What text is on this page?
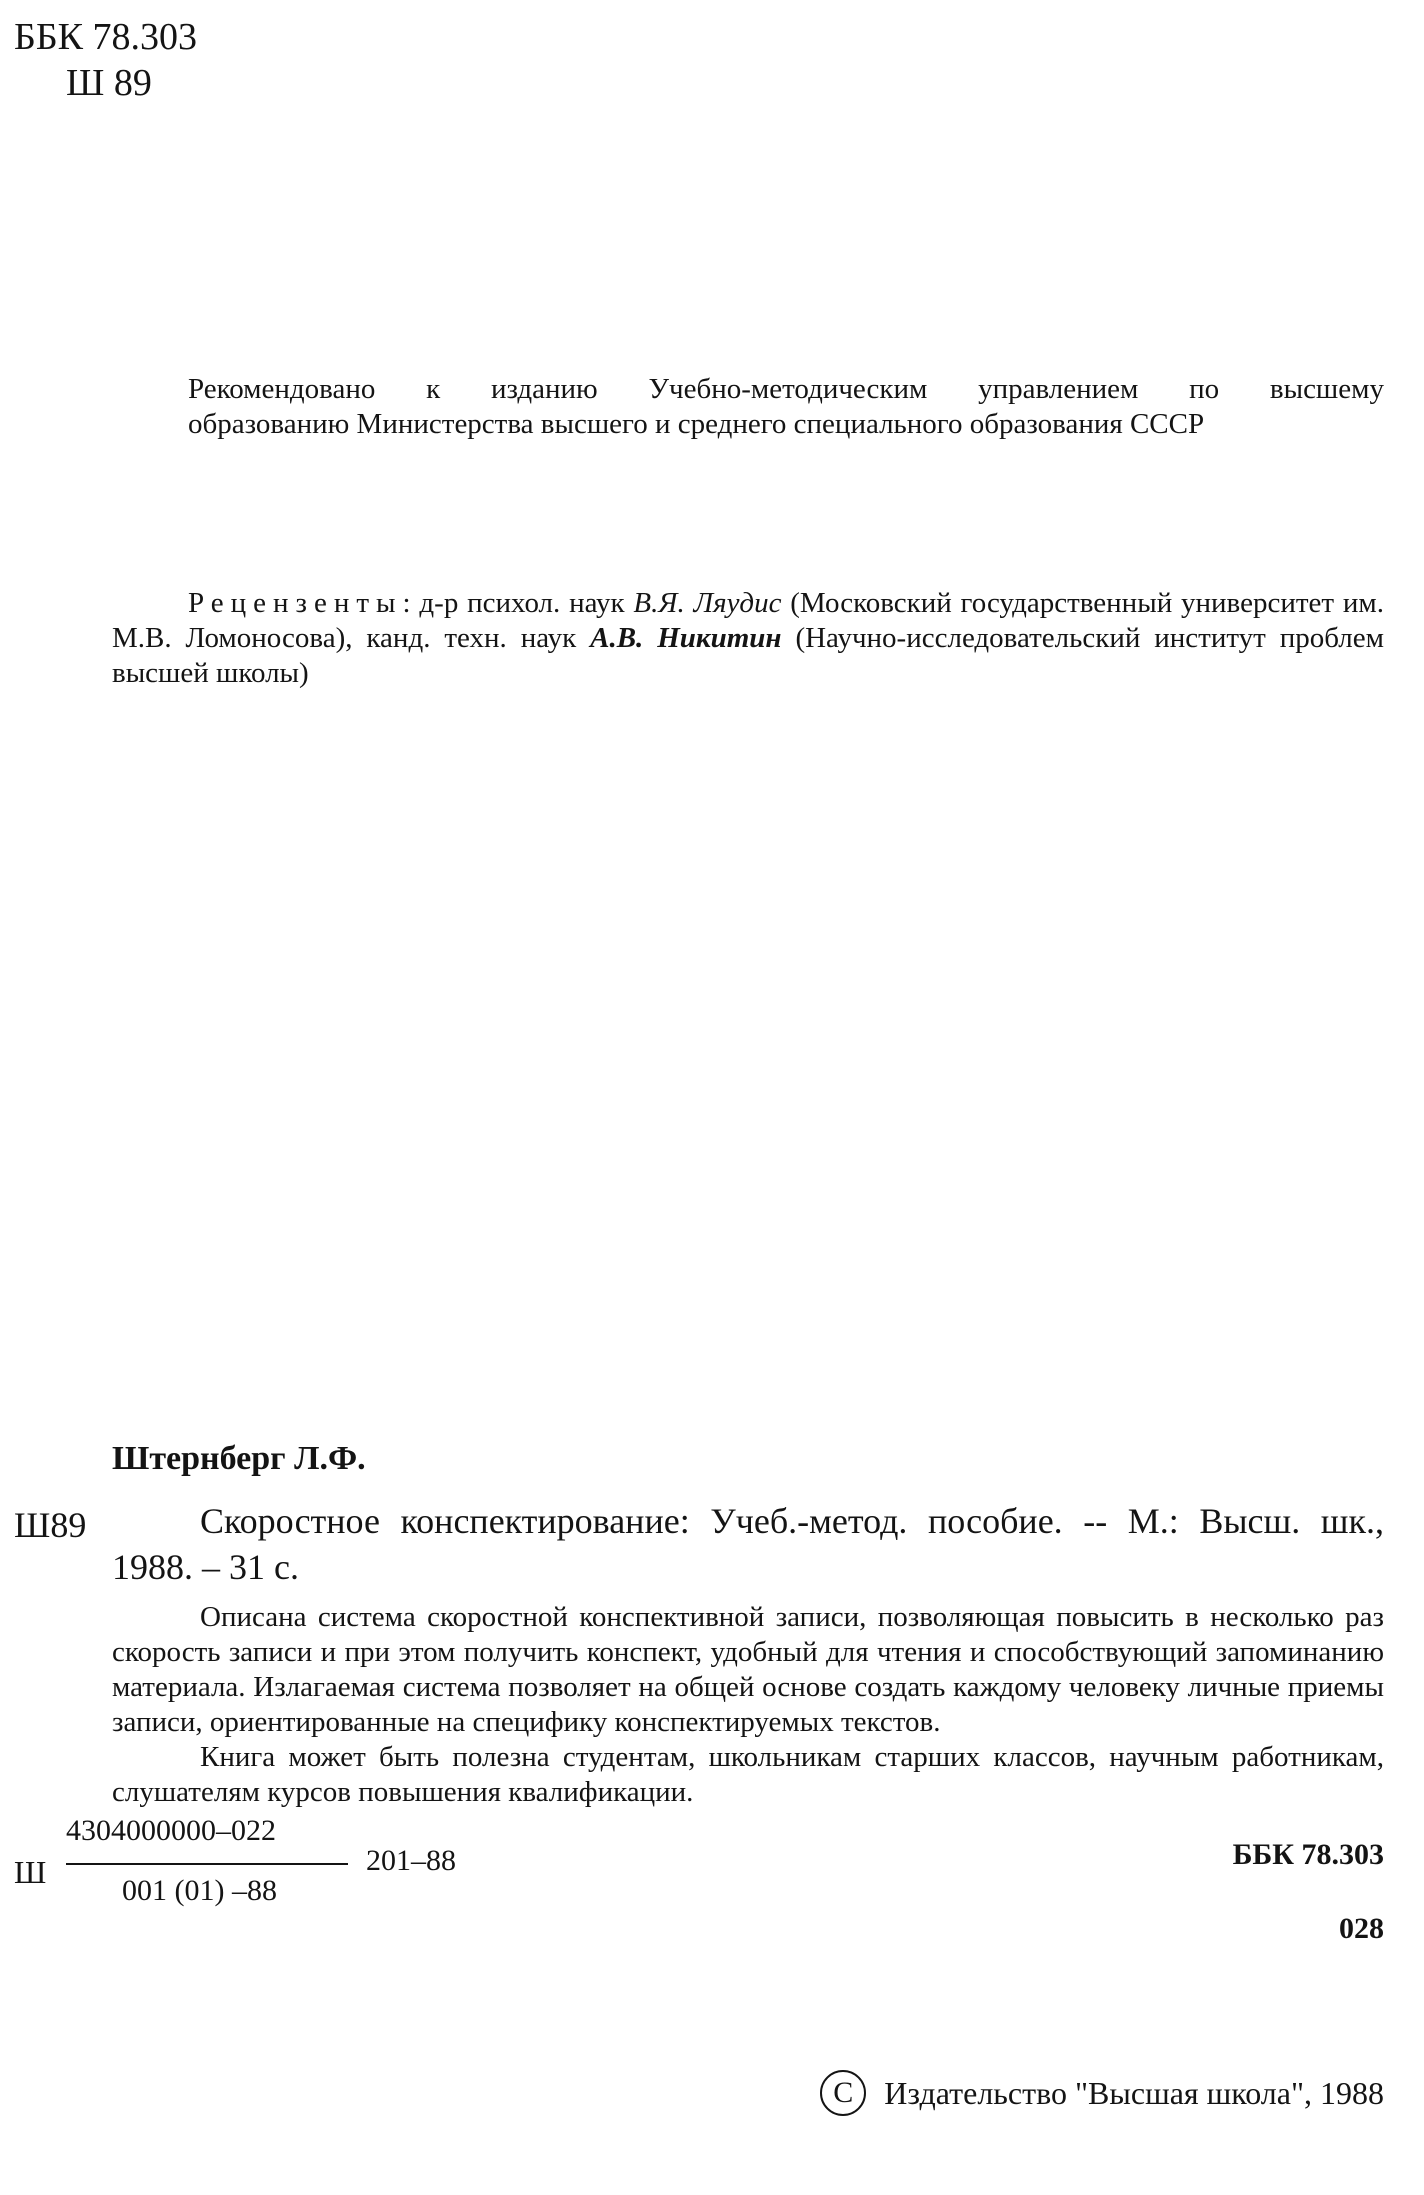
ББК 78.303
Ш 89

Рекомендовано к изданию Учебно-методическим управлением по высшему

образованию Министерства высшего и среднего специального образования СССР

Рецензенты: д-р психол. наук В.Я. Ляудис (Московский государственный университет им. М.В. Ломоносова), канд. техн. наук А.В. Никитин (Научно-исследовательский институт проблем высшей школы)

Штернберг Л.Ф.
Ш89	Скоростное конспектирование: Учеб.-метод. пособие. -- М.: Высш. шк., 1988. – 31 с.

Описана система скоростной конспективной записи, позволяющая повысить в несколько раз скорость записи и при этом получить конспект, удобный для чтения и способствующий запоминанию материала. Излагаемая система позволяет на общей основе создать каждому человеку личные приемы записи, ориентированные на специфику конспектируемых текстов.

Книга может быть полезна студентам, школьникам старших классов, научным работникам, слушателям курсов повышения квалификации.

Ш
4304000000–022
001 (01) –88
201–88	ББК 78.303
028
C Издательство "Высшая школа", 1988
